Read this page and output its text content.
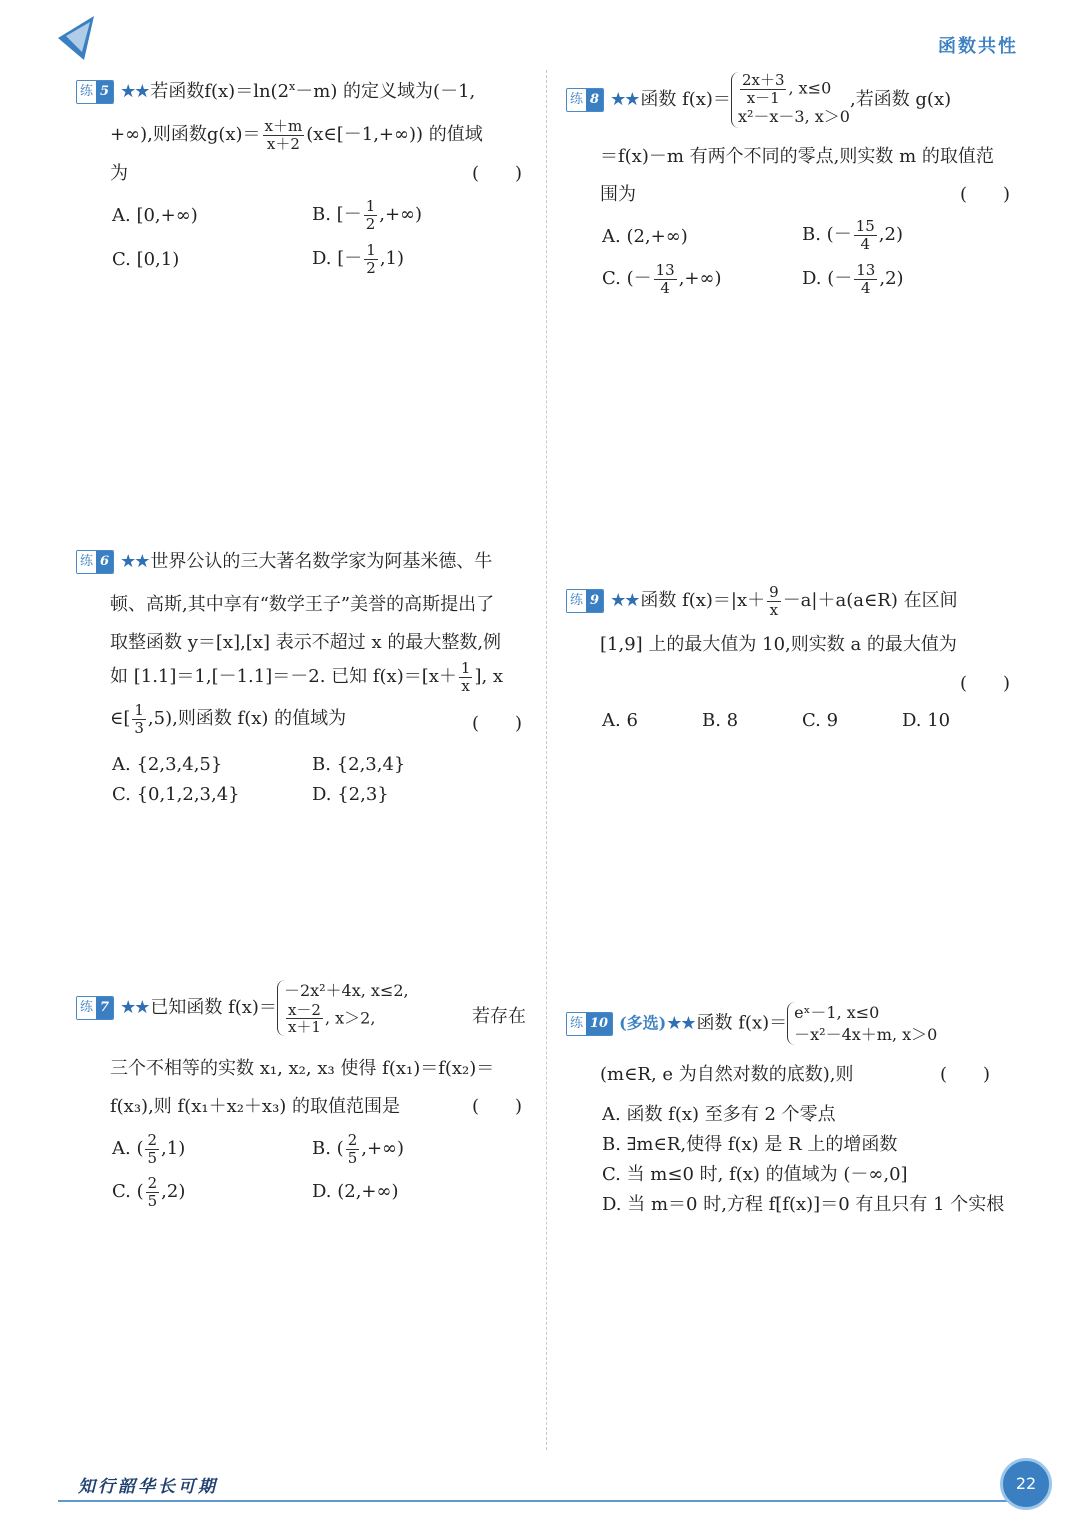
函数共性
练 5 ★★ 若函数$f(x)=\ln(2^x-m)$ 的定义域为(－1,
+∞),则函数$g(x)= \frac{x+m}{x+2}$ (x∈[－1,+∞)) 的值域
为	(　　)
A. [0,+∞)	B. [－ $\frac{1}{2}$ ,+∞)
C. [0,1)	D. [－ $\frac{1}{2} ,1$)
练 8 ★★ 函数 $f(x)= \frac{2x+3}{x-1}$ , x≤0
x²－x－3, x＞0
,若函数 g(x)
＝f(x)－m 有两个不同的零点,则实数 m 的取值范
围为	(　　)
A. (2,+∞)	B. (－ $\frac{15}{4} ,2$)
C. (－ $\frac{13}{4}$ ,+∞)	D. (－ $\frac{13}{4} ,2$)
练 6 ★★ 世界公认的三大著名数学家为阿基米德、牛
顿、高斯,其中享有“数学王子”美誉的高斯提出了
取整函数 y＝[x],[x] 表示不超过 x 的最大整数,例
如 [1.1]＝1,[－1.1]＝－2. 已知 $f(x)=[x+ \frac{1}{x}$ ], x
∈[ $\frac{1}{3} ,5$),则函数 f(x) 的值域为	(　　)
A. {2,3,4,5}	B. {2,3,4}
C. {0,1,2,3,4}	D. {2,3}
练 9 ★★ 函数 $f(x)=|x+ \frac{9}{x}$ －a|＋a(a∈R) 在区间
[1,9] 上的最大值为 10,则实数 a 的最大值为
(　　)
A. 6	B. 8	C. 9	D. 10
练 7 ★★ 已知函数 f(x)＝
－2x²＋4x, x≤2,
$\frac{x-2}{x+1}$ , x＞2,	若存在
三个不相等的实数 x₁, x₂, x₃ 使得 f(x₁)＝f(x₂)＝
f(x₃),则 f(x₁＋x₂＋x₃) 的取值范围是	(　　)
A. ( $\frac{2}{5} ,1$)	B. ( $\frac{2}{5}$ ,+∞)
C. ( $\frac{2}{5} ,2$)	D. (2,+∞)
练 10 (多选)★★ 函数 f(x)＝
eˣ－1, x≤0
－x²－4x＋m, x＞0
(m∈R, e 为自然对数的底数),则	(　　)
A. 函数 f(x) 至多有 2 个零点
B. ∃m∈R,使得 f(x) 是 R 上的增函数
C. 当 m≤0 时, f(x) 的值域为 (－∞,0]
D. 当 m＝0 时,方程 f[f(x)]＝0 有且只有 1 个实根
知行韶华长可期	22
